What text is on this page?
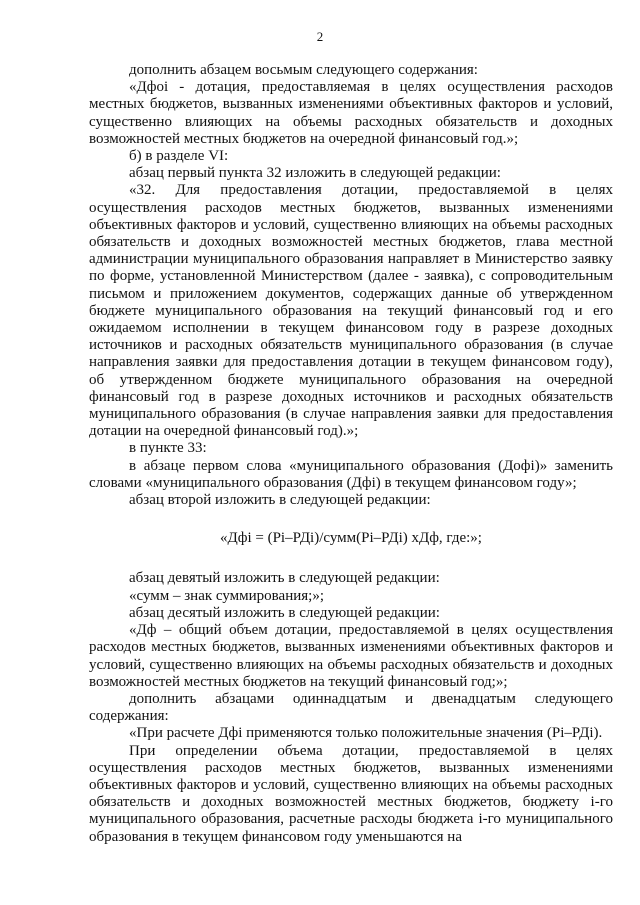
2

дополнить абзацем восьмым следующего содержания:

«Дфоі - дотация, предоставляемая в целях осуществления расходов местных бюджетов, вызванных изменениями объективных факторов и условий, существенно влияющих на объемы расходных обязательств и доходных возможностей местных бюджетов на очередной финансовый год.»;

б) в разделе VI:

абзац первый пункта 32 изложить в следующей редакции:

«32. Для предоставления дотации, предоставляемой в целях осуществления расходов местных бюджетов, вызванных изменениями объективных факторов и условий, существенно влияющих на объемы расходных обязательств и доходных возможностей местных бюджетов, глава местной администрации муниципального образования направляет в Министерство заявку по форме, установленной Министерством (далее - заявка), с сопроводительным письмом и приложением документов, содержащих данные об утвержденном бюджете муниципального образования на текущий финансовый год и его ожидаемом исполнении в текущем финансовом году в разрезе доходных источников и расходных обязательств муниципального образования (в случае направления заявки для предоставления дотации в текущем финансовом году), об утвержденном бюджете муниципального образования на очередной финансовый год в разрезе доходных источников и расходных обязательств муниципального образования (в случае направления заявки для предоставления дотации на очередной финансовый год).»;

в пункте 33:

в абзаце первом слова «муниципального образования (Дофі)» заменить словами «муниципального образования (Дфі) в текущем финансовом году»;

абзац второй изложить в следующей редакции:

«Дфі = (Рі–РДі)/сумм(Рі–РДі) хДф, где:»;

абзац девятый изложить в следующей редакции:

«сумм – знак суммирования;»;

абзац десятый изложить в следующей редакции:

«Дф – общий объем дотации, предоставляемой в целях осуществления расходов местных бюджетов, вызванных изменениями объективных факторов и условий, существенно влияющих на объемы расходных обязательств и доходных возможностей местных бюджетов на текущий финансовый год;»;

дополнить абзацами одиннадцатым и двенадцатым следующего содержания:

«При расчете Дфі применяются только положительные значения (Рі–РДі).

При определении объема дотации, предоставляемой в целях осуществления расходов местных бюджетов, вызванных изменениями объективных факторов и условий, существенно влияющих на объемы расходных обязательств и доходных возможностей местных бюджетов, бюджету і-го муниципального образования, расчетные расходы бюджета і-го муниципального образования в текущем финансовом году уменьшаются на
